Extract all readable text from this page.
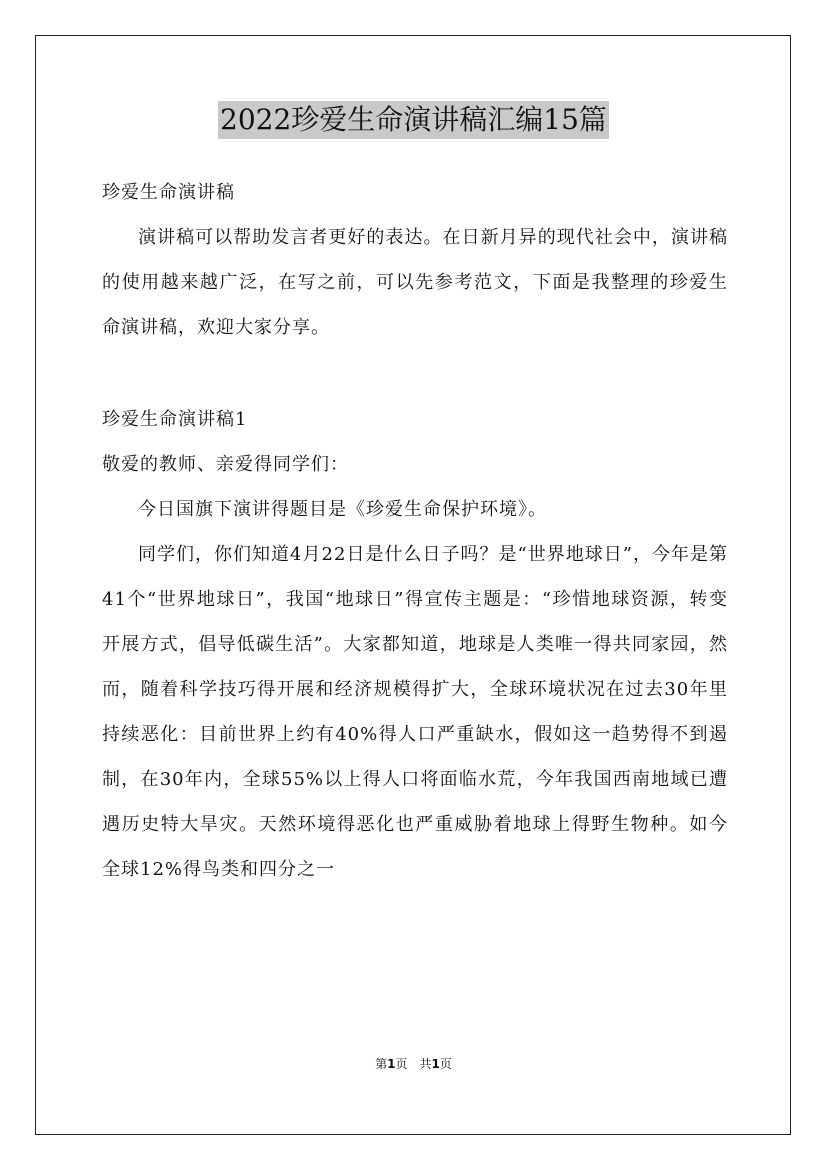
2022珍爱生命演讲稿汇编15篇

珍爱生命演讲稿

演讲稿可以帮助发言者更好的表达。在日新月异的现代社会中，演讲稿的使用越来越广泛，在写之前，可以先参考范文，下面是我整理的珍爱生命演讲稿，欢迎大家分享。

珍爱生命演讲稿1

敬爱的教师、亲爱得同学们：

今日国旗下演讲得题目是《珍爱生命保护环境》。

同学们，你们知道4月22日是什么日子吗？是“世界地球日”，今年是第41个“世界地球日”，我国“地球日”得宣传主题是：“珍惜地球资源，转变开展方式，倡导低碳生活”。大家都知道，地球是人类唯一得共同家园，然而，随着科学技巧得开展和经济规模得扩大，全球环境状况在过去30年里持续恶化：目前世界上约有40%得人口严重缺水，假如这一趋势得不到遏制，在30年内，全球55%以上得人口将面临水荒，今年我国西南地域已遭遇历史特大旱灾。天然环境得恶化也严重威胁着地球上得野生物种。如今全球12%得鸟类和四分之一

第1页 共1页
